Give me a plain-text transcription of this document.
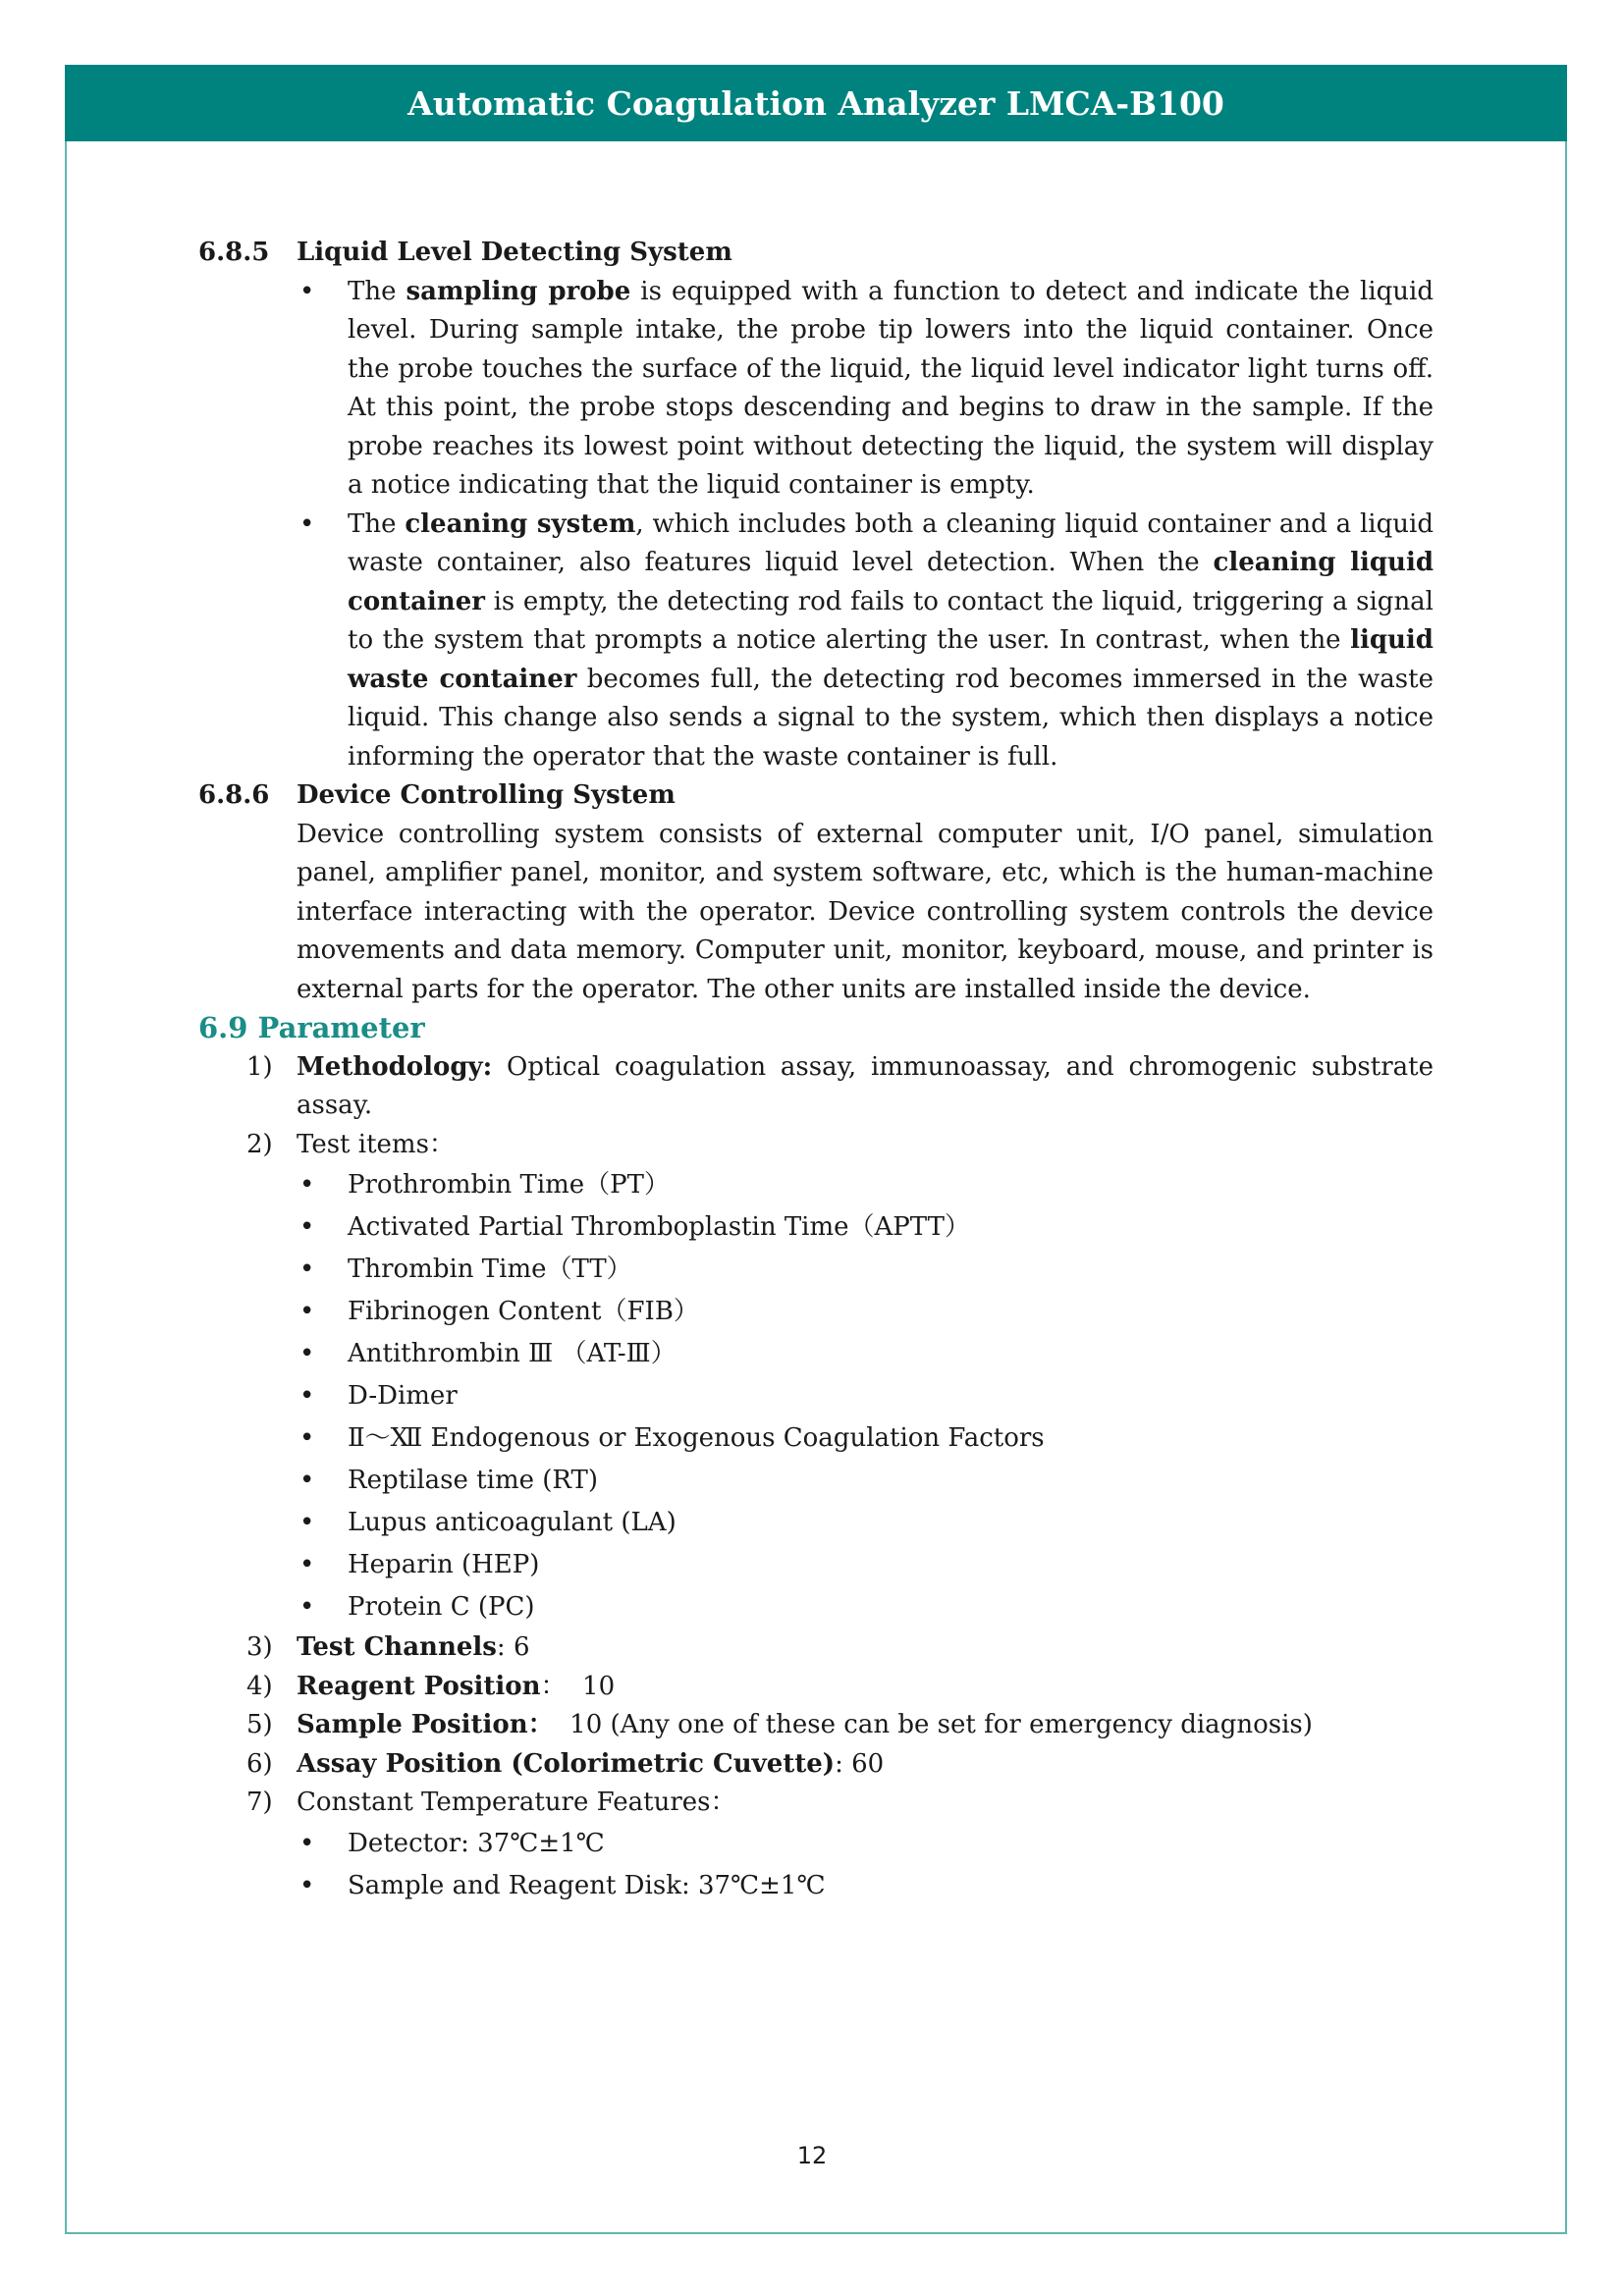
Automatic Coagulation Analyzer LMCA-B100

6.8.5	Liquid Level Detecting System

• The sampling probe is equipped with a function to detect and indicate the liquid level. During sample intake, the probe tip lowers into the liquid container. Once the probe touches the surface of the liquid, the liquid level indicator light turns off. At this point, the probe stops descending and begins to draw in the sample. If the probe reaches its lowest point without detecting the liquid, the system will display a notice indicating that the liquid container is empty.
• The cleaning system, which includes both a cleaning liquid container and a liquid waste container, also features liquid level detection. When the cleaning liquid container is empty, the detecting rod fails to contact the liquid, triggering a signal to the system that prompts a notice alerting the user. In contrast, when the liquid waste container becomes full, the detecting rod becomes immersed in the waste liquid. This change also sends a signal to the system, which then displays a notice informing the operator that the waste container is full.

6.8.6	Device Controlling System

Device controlling system consists of external computer unit, I/O panel, simulation panel, amplifier panel, monitor, and system software, etc, which is the human-machine interface interacting with the operator. Device controlling system controls the device movements and data memory. Computer unit, monitor, keyboard, mouse, and printer is external parts for the operator. The other units are installed inside the device.

6.9 Parameter

1) Methodology: Optical coagulation assay, immunoassay, and chromogenic substrate assay.
2) Test items：
• Prothrombin Time（PT）
• Activated Partial Thromboplastin Time（APTT）
• Thrombin Time（TT）
• Fibrinogen Content（FIB）
• Antithrombin Ⅲ （AT-Ⅲ）
• D-Dimer
• Ⅱ～Ⅻ Endogenous or Exogenous Coagulation Factors
• Reptilase time (RT)
• Lupus anticoagulant (LA)
• Heparin (HEP)
• Protein C (PC)
3) Test Channels: 6
4) Reagent Position：  10
5) Sample Position：  10 (Any one of these can be set for emergency diagnosis)
6) Assay Position (Colorimetric Cuvette): 60
7) Constant Temperature Features：
• Detector: 37℃±1℃
• Sample and Reagent Disk: 37℃±1℃
12
